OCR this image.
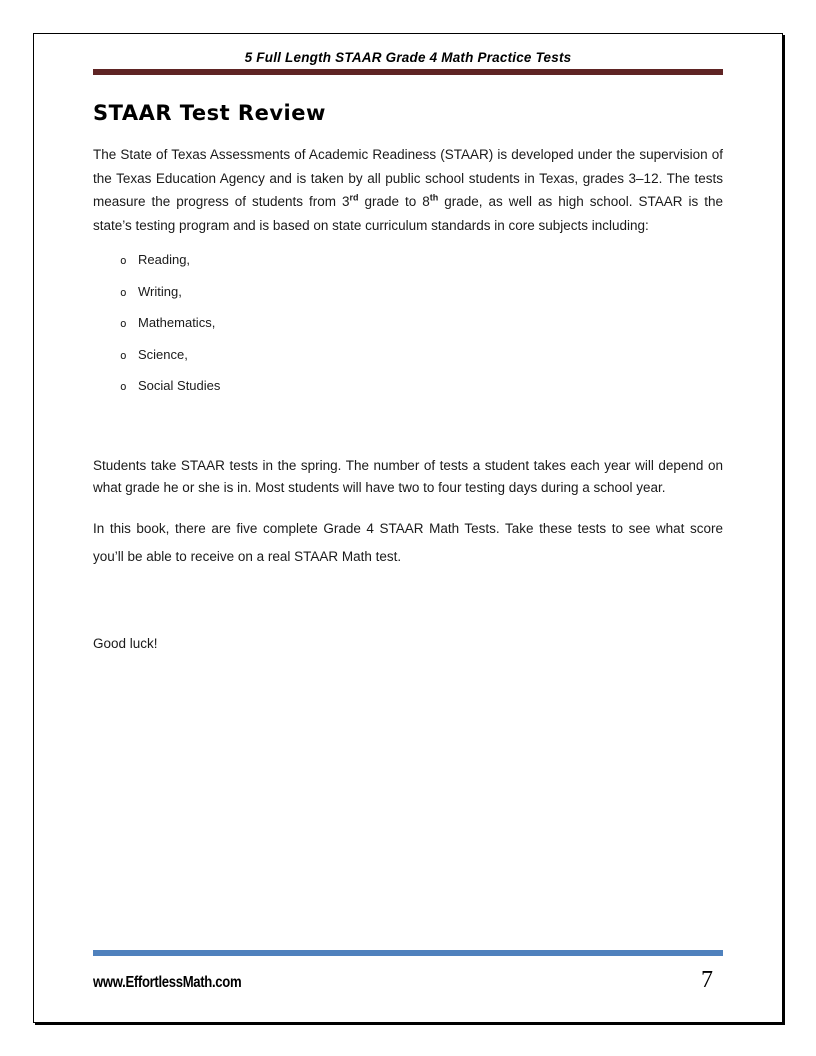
5 Full Length STAAR Grade 4 Math Practice Tests
STAAR Test Review

The State of Texas Assessments of Academic Readiness (STAAR) is developed under the supervision of the Texas Education Agency and is taken by all public school students in Texas, grades 3–12. The tests measure the progress of students from 3rd grade to 8th grade, as well as high school. STAAR is the state’s testing program and is based on state curriculum standards in core subjects including:

o Reading,
o Writing,
o Mathematics,
o Science,
o Social Studies

Students take STAAR tests in the spring. The number of tests a student takes each year will depend on what grade he or she is in. Most students will have two to four testing days during a school year.

In this book, there are five complete Grade 4 STAAR Math Tests. Take these tests to see what score you’ll be able to receive on a real STAAR Math test.

Good luck!

www.EffortlessMath.com	7
